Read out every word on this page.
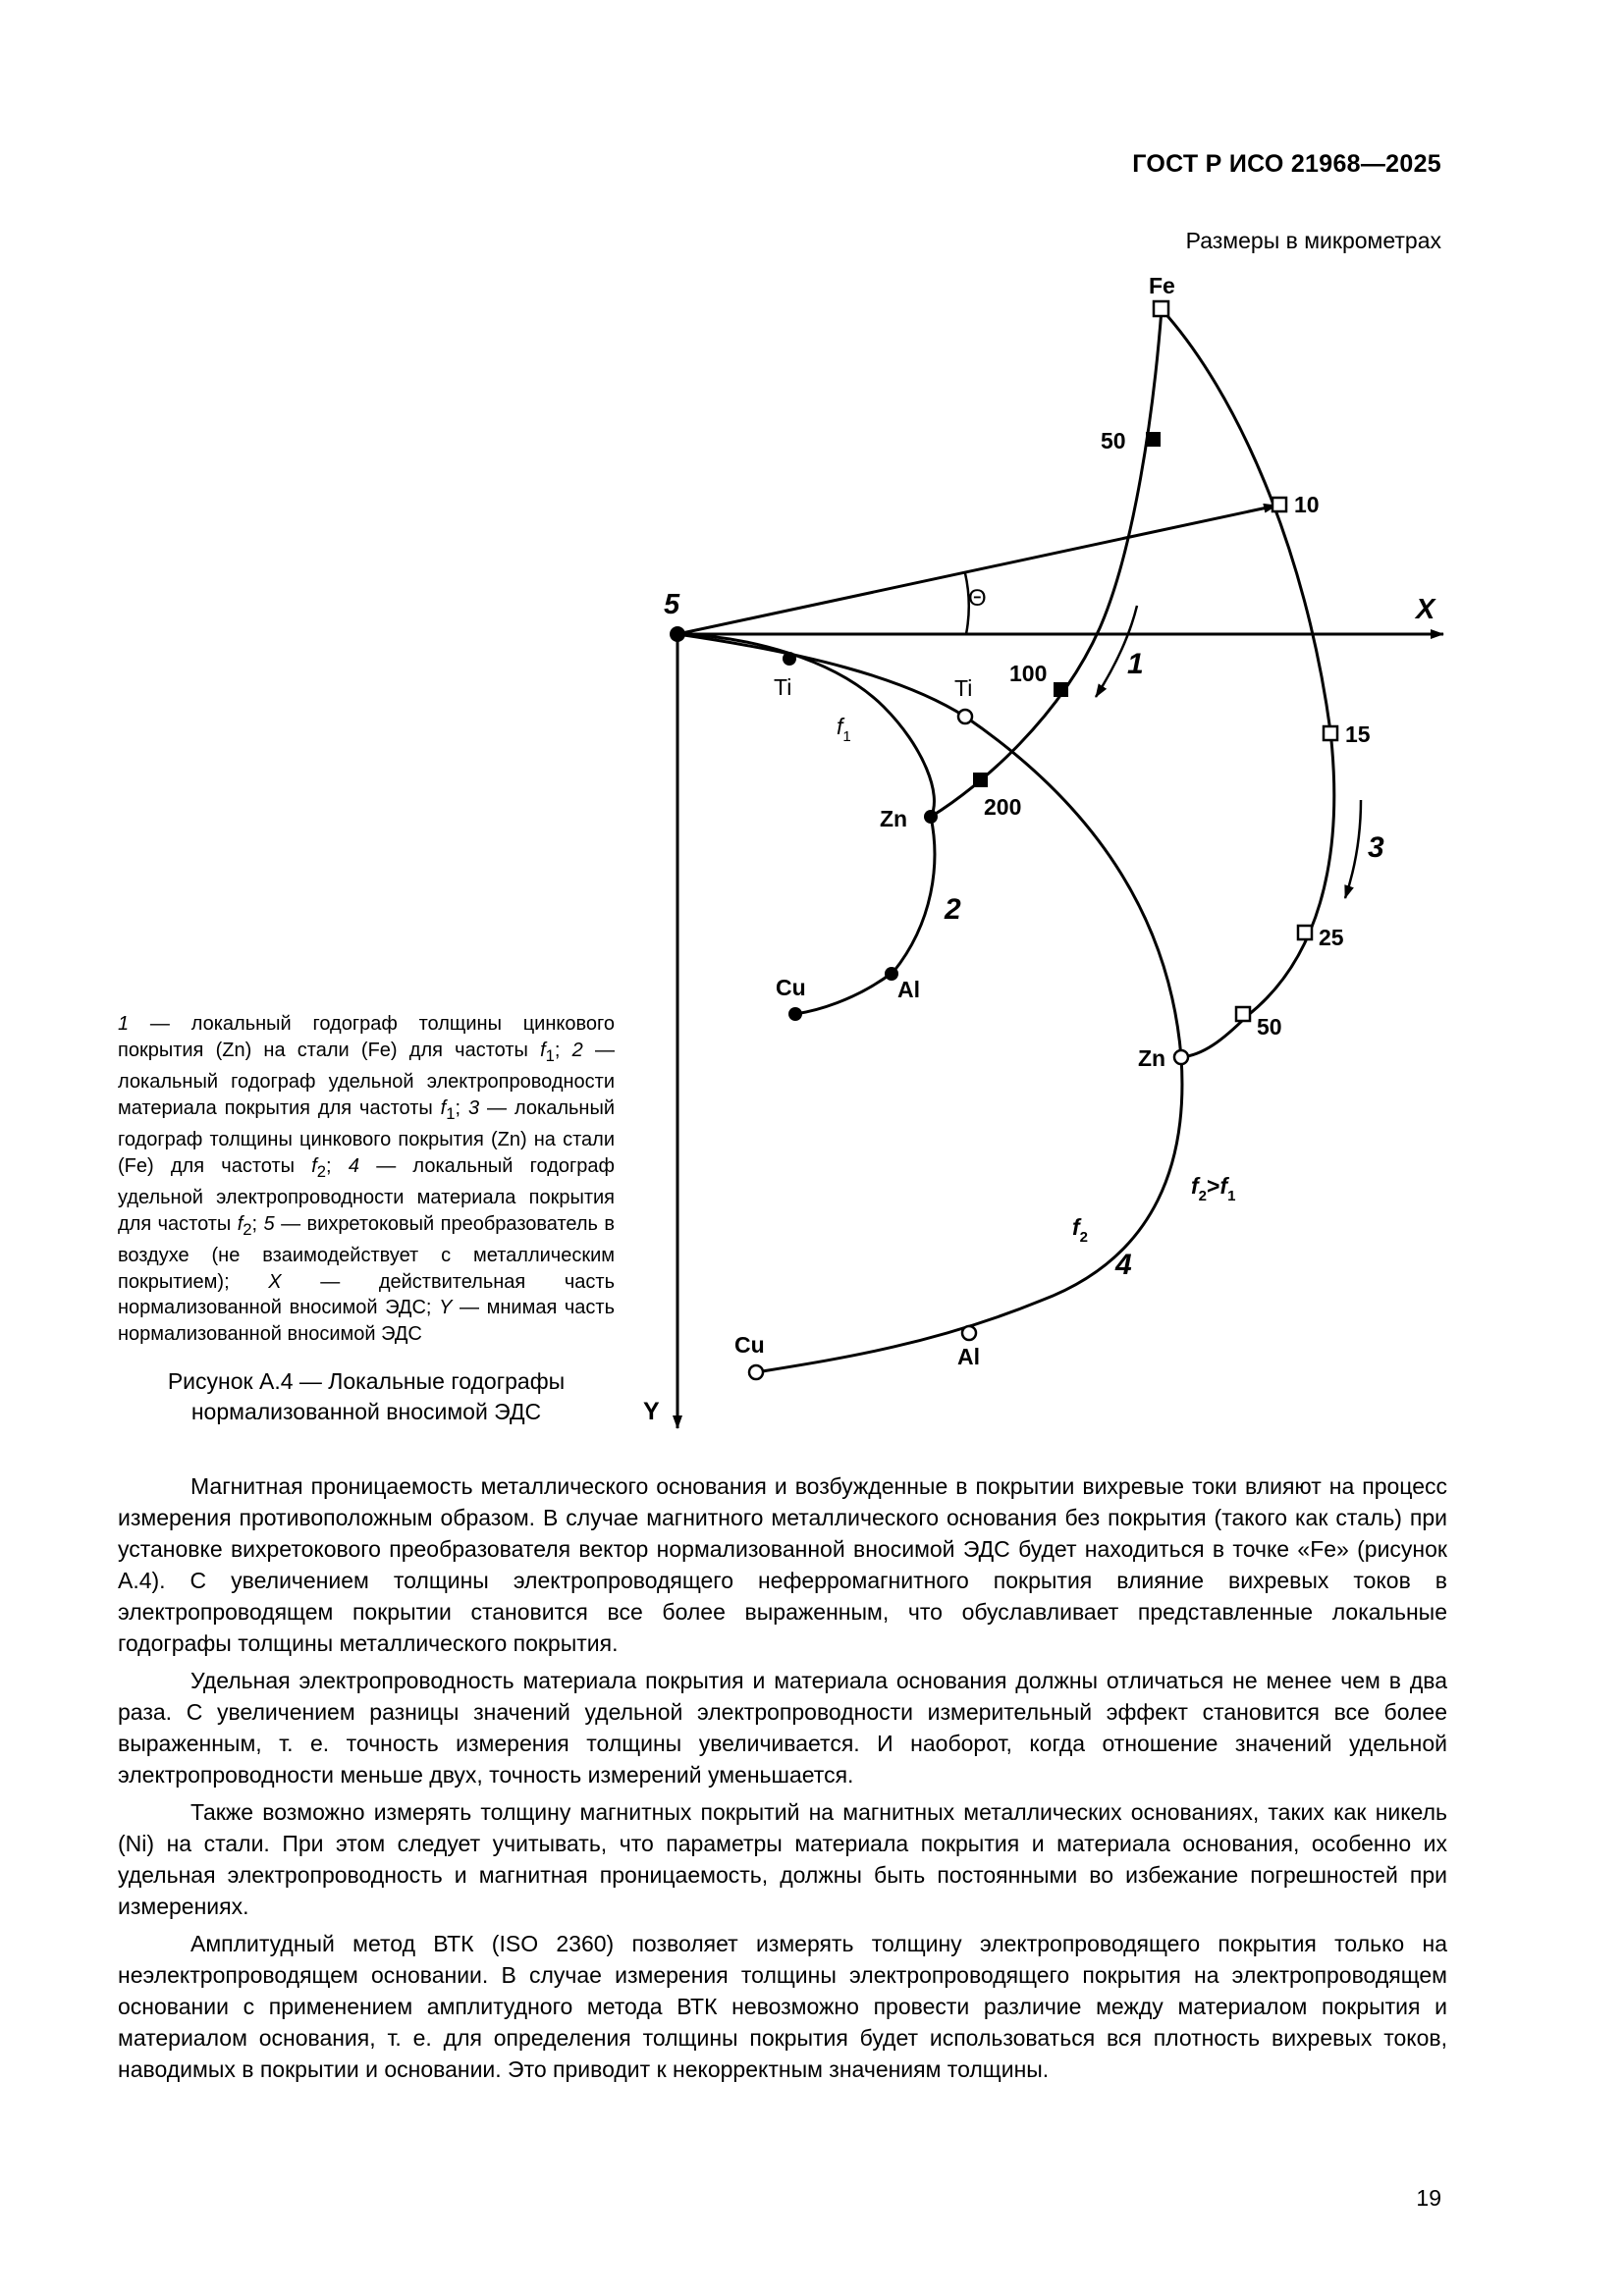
ГОСТ Р ИСО 21968—2025
Размеры в микрометрах
5	X
Y
Θ
Fe
50
100
200
1
Ti
$f_1$
Zn
Al
Cu
2
10
15
25
50
3
Ti
Zn
Al
Cu
$f_2$
$f_2>f_1$
4
1 — локальный годограф толщины цинкового покрытия (Zn) на стали (Fe) для частоты $f_1$; 2 — локальный годограф удельной электропроводности материала покрытия для частоты $f_1$; 3 — локальный годограф толщины цинкового покрытия (Zn) на стали (Fe) для частоты $f_2$; 4 — локальный годограф удельной электропроводности материала покрытия для частоты $f_2$; 5 — вихретоковый преобразователь в воздухе (не взаимодействует с металлическим покрытием); X — действительная часть нормализованной вносимой ЭДС; Y — мнимая часть нормализованной вносимой ЭДС
Рисунок А.4 — Локальные годографы
нормализованной вносимой ЭДС

Магнитная проницаемость металлического основания и возбужденные в покрытии вихревые токи влияют на процесс измерения противоположным образом. В случае магнитного металлического основания без покрытия (такого как сталь) при установке вихретокового преобразователя вектор нормализованной вносимой ЭДС будет находиться в точке «Fe» (рисунок А.4). С увеличением толщины электропроводящего неферромагнитного покрытия влияние вихревых токов в электропроводящем покрытии становится все более выраженным, что обуславливает представленные локальные годографы толщины металлического покрытия.

Удельная электропроводность материала покрытия и материала основания должны отличаться не менее чем в два раза. С увеличением разницы значений удельной электропроводности измерительный эффект становится все более выраженным, т. е. точность измерения толщины увеличивается. И наоборот, когда отношение значений удельной электропроводности меньше двух, точность измерений уменьшается.

Также возможно измерять толщину магнитных покрытий на магнитных металлических основаниях, таких как никель (Ni) на стали. При этом следует учитывать, что параметры материала покрытия и материала основания, особенно их удельная электропроводность и магнитная проницаемость, должны быть постоянными во избежание погрешностей при измерениях.

Амплитудный метод ВТК (ISO 2360) позволяет измерять толщину электропроводящего покрытия только на неэлектропроводящем основании. В случае измерения толщины электропроводящего покрытия на электропроводящем основании с применением амплитудного метода ВТК невозможно провести различие между материалом покрытия и материалом основания, т. е. для определения толщины покрытия будет использоваться вся плотность вихревых токов, наводимых в покрытии и основании. Это приводит к некорректным значениям толщины.

19
